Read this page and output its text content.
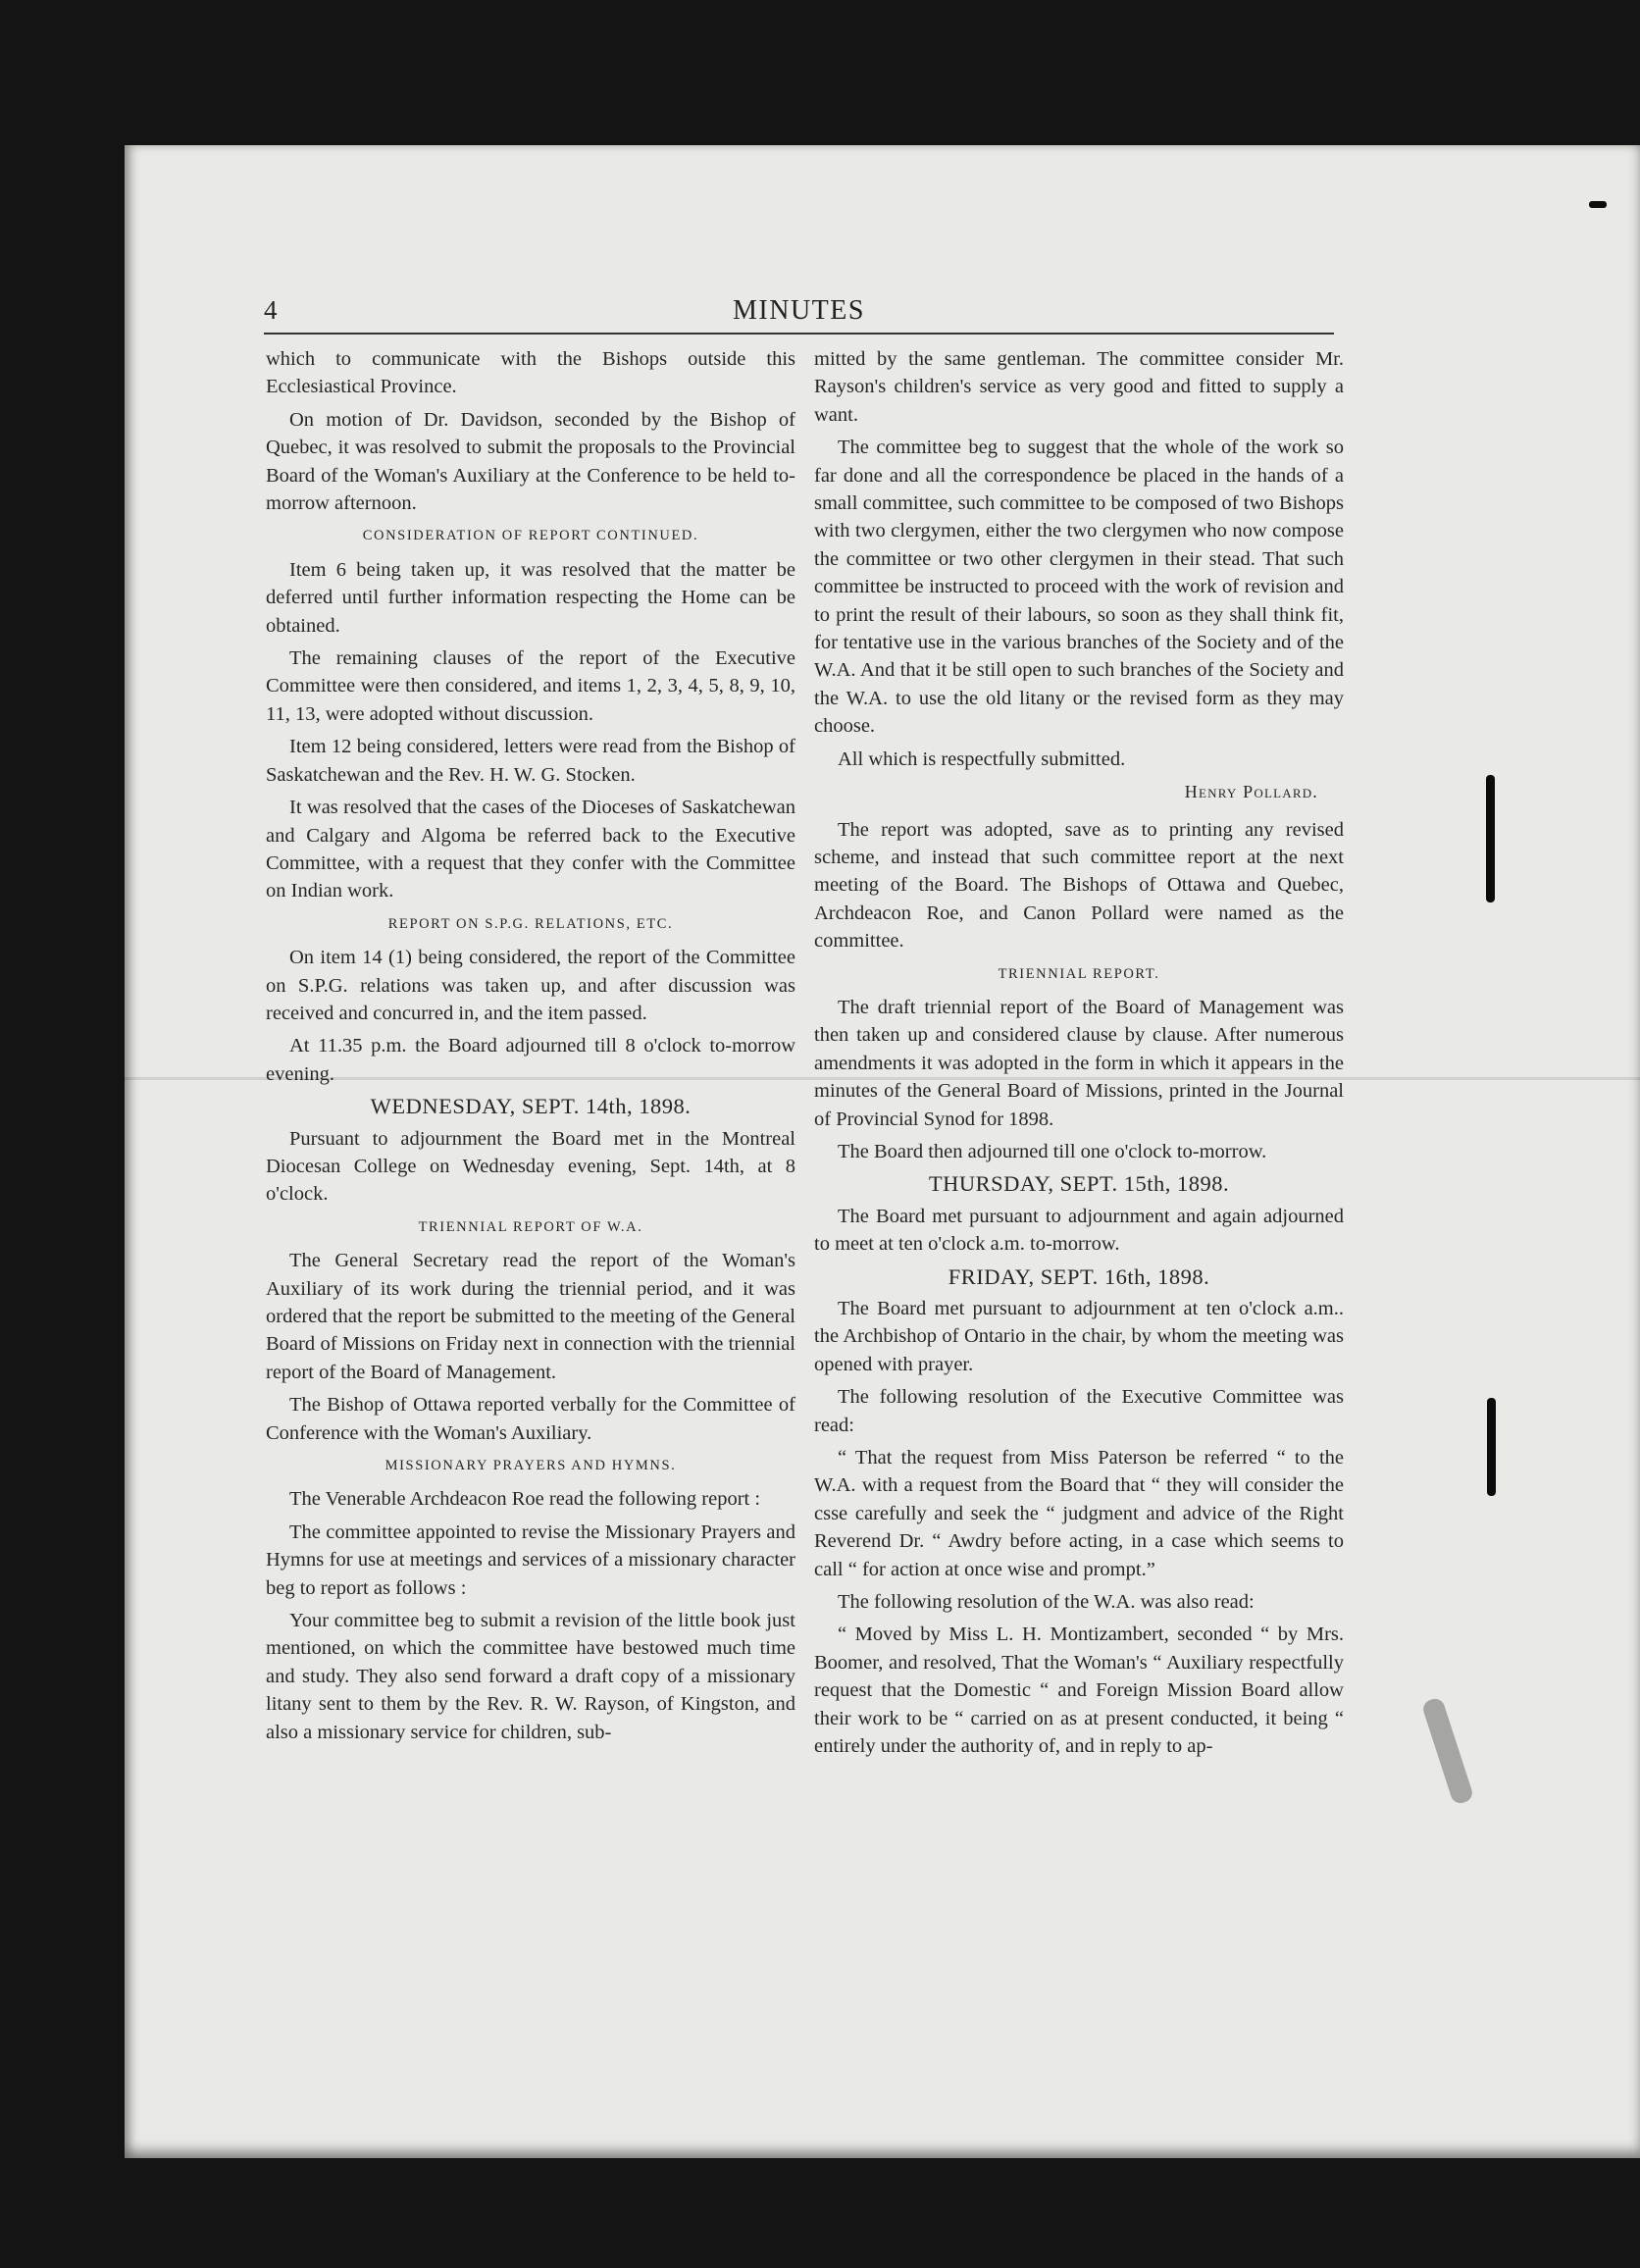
4	MINUTES

which to communicate with the Bishops outside this Ecclesiastical Province.

On motion of Dr. Davidson, seconded by the Bishop of Quebec, it was resolved to submit the proposals to the Provincial Board of the Woman's Auxiliary at the Conference to be held to-morrow afternoon.

CONSIDERATION OF REPORT CONTINUED.

Item 6 being taken up, it was resolved that the matter be deferred until further information respecting the Home can be obtained.

The remaining clauses of the report of the Executive Committee were then considered, and items 1, 2, 3, 4, 5, 8, 9, 10, 11, 13, were adopted without discussion.

Item 12 being considered, letters were read from the Bishop of Saskatchewan and the Rev. H. W. G. Stocken.

It was resolved that the cases of the Dioceses of Saskatchewan and Calgary and Algoma be referred back to the Executive Committee, with a request that they confer with the Committee on Indian work.

REPORT ON S.P.G. RELATIONS, ETC.

On item 14 (1) being considered, the report of the Committee on S.P.G. relations was taken up, and after discussion was received and concurred in, and the item passed.

At 11.35 p.m. the Board adjourned till 8 o'clock to-morrow evening.

WEDNESDAY, SEPT. 14th, 1898.

Pursuant to adjournment the Board met in the Montreal Diocesan College on Wednesday evening, Sept. 14th, at 8 o'clock.

TRIENNIAL REPORT OF W.A.

The General Secretary read the report of the Woman's Auxiliary of its work during the triennial period, and it was ordered that the report be submitted to the meeting of the General Board of Missions on Friday next in connection with the triennial report of the Board of Management.

The Bishop of Ottawa reported verbally for the Committee of Conference with the Woman's Auxiliary.

MISSIONARY PRAYERS AND HYMNS.

The Venerable Archdeacon Roe read the following report :

The committee appointed to revise the Missionary Prayers and Hymns for use at meetings and services of a missionary character beg to report as follows :

Your committee beg to submit a revision of the little book just mentioned, on which the committee have bestowed much time and study. They also send forward a draft copy of a missionary litany sent to them by the Rev. R. W. Rayson, of Kingston, and also a missionary service for children, sub-

mitted by the same gentleman. The committee consider Mr. Rayson's children's service as very good and fitted to supply a want.

The committee beg to suggest that the whole of the work so far done and all the correspondence be placed in the hands of a small committee, such committee to be composed of two Bishops with two clergymen, either the two clergymen who now compose the committee or two other clergymen in their stead. That such committee be instructed to proceed with the work of revision and to print the result of their labours, so soon as they shall think fit, for tentative use in the various branches of the Society and of the W.A. And that it be still open to such branches of the Society and the W.A. to use the old litany or the revised form as they may choose.

All which is respectfully submitted.

Henry Pollard.

The report was adopted, save as to printing any revised scheme, and instead that such committee report at the next meeting of the Board. The Bishops of Ottawa and Quebec, Archdeacon Roe, and Canon Pollard were named as the committee.

TRIENNIAL REPORT.

The draft triennial report of the Board of Management was then taken up and considered clause by clause. After numerous amendments it was adopted in the form in which it appears in the minutes of the General Board of Missions, printed in the Journal of Provincial Synod for 1898.

The Board then adjourned till one o'clock to-morrow.

THURSDAY, SEPT. 15th, 1898.

The Board met pursuant to adjournment and again adjourned to meet at ten o'clock a.m. to-morrow.

FRIDAY, SEPT. 16th, 1898.

The Board met pursuant to adjournment at ten o'clock a.m.. the Archbishop of Ontario in the chair, by whom the meeting was opened with prayer.

The following resolution of the Executive Committee was read:

“ That the request from Miss Paterson be referred “ to the W.A. with a request from the Board that “ they will consider the csse carefully and seek the “ judgment and advice of the Right Reverend Dr. “ Awdry before acting, in a case which seems to call “ for action at once wise and prompt.”

The following resolution of the W.A. was also read:

“ Moved by Miss L. H. Montizambert, seconded “ by Mrs. Boomer, and resolved, That the Woman's “ Auxiliary respectfully request that the Domestic “ and Foreign Mission Board allow their work to be “ carried on as at present conducted, it being “ entirely under the authority of, and in reply to ap-
